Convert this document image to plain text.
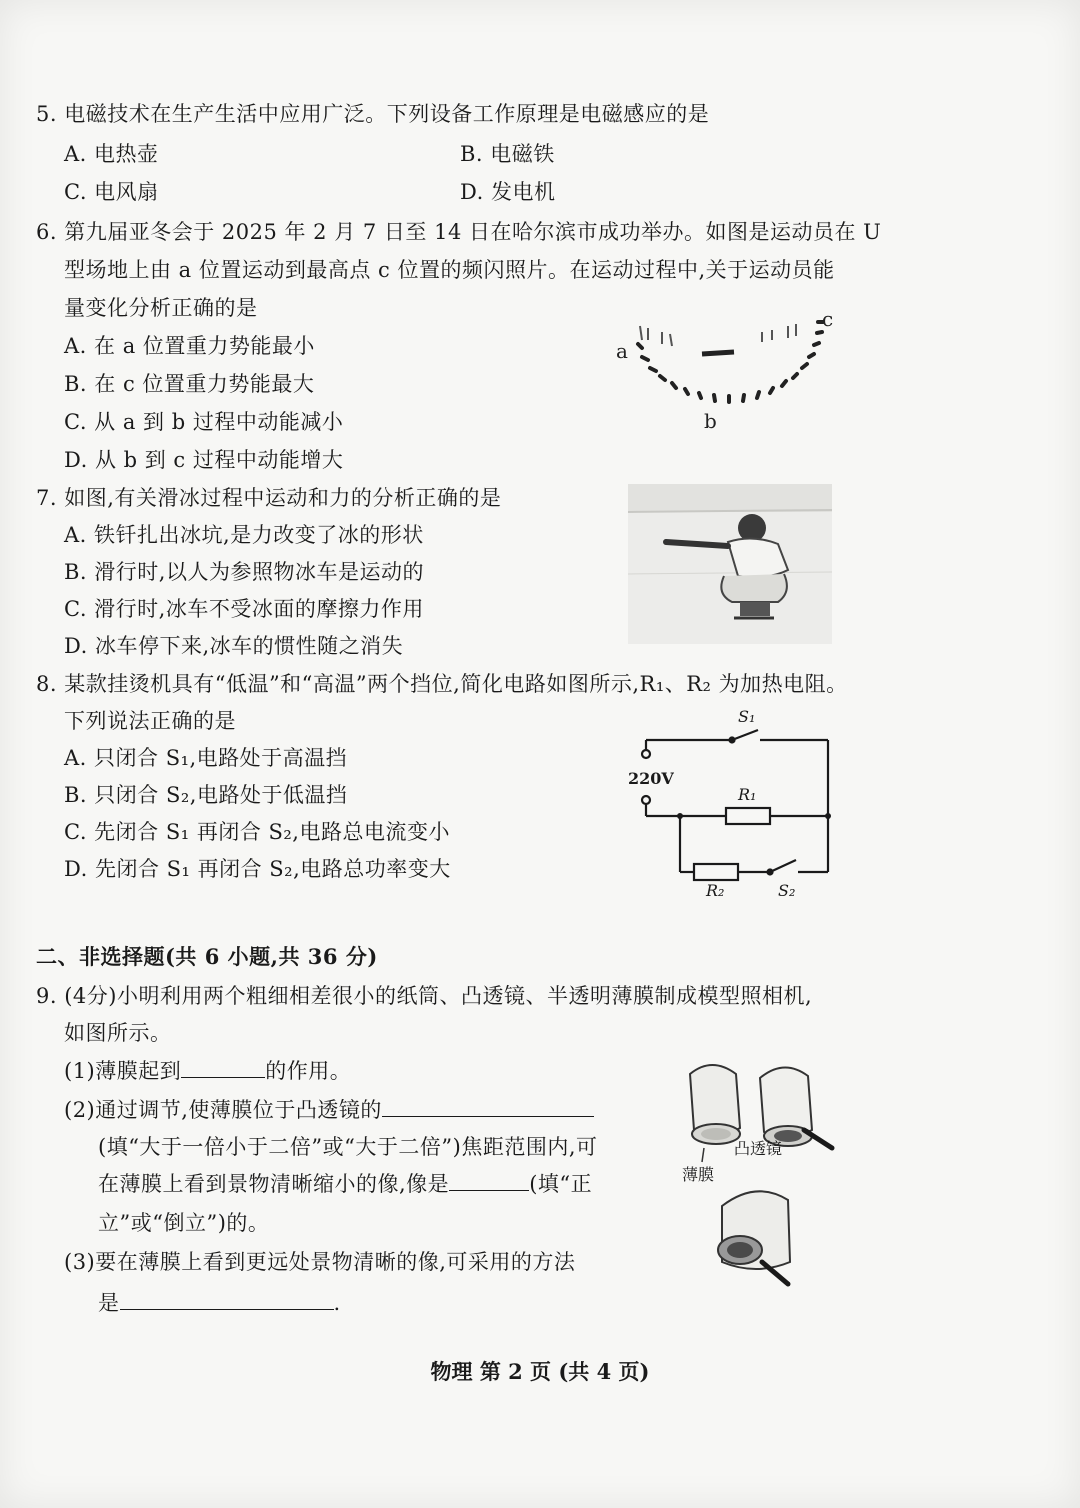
5. 电磁技术在生产生活中应用广泛。下列设备工作原理是电磁感应的是
A. 电热壶	B. 电磁铁
C. 电风扇	D. 发电机
6. 第九届亚冬会于 2025 年 2 月 7 日至 14 日在哈尔滨市成功举办。如图是运动员在 U
型场地上由 a 位置运动到最高点 c 位置的频闪照片。在运动过程中,关于运动员能
量变化分析正确的是
A. 在 a 位置重力势能最小
B. 在 c 位置重力势能最大
C. 从 a 到 b 过程中动能减小
D. 从 b 到 c 过程中动能增大
a
b
c
7. 如图,有关滑冰过程中运动和力的分析正确的是
A. 铁钎扎出冰坑,是力改变了冰的形状
B. 滑行时,以人为参照物冰车是运动的
C. 滑行时,冰车不受冰面的摩擦力作用
D. 冰车停下来,冰车的惯性随之消失
8. 某款挂烫机具有“低温”和“高温”两个挡位,简化电路如图所示,R₁、R₂ 为加热电阻。
下列说法正确的是
A. 只闭合 S₁,电路处于高温挡
B. 只闭合 S₂,电路处于低温挡
C. 先闭合 S₁ 再闭合 S₂,电路总电流变小
D. 先闭合 S₁ 再闭合 S₂,电路总功率变大
220V
S₁
R₁
R₂	S₂
二、非选择题(共 6 小题,共 36 分)
9. (4分)小明利用两个粗细相差很小的纸筒、凸透镜、半透明薄膜制成模型照相机,
如图所示。
(1)薄膜起到	的作用。
(2)通过调节,使薄膜位于凸透镜的
(填“大于一倍小于二倍”或“大于二倍”)焦距范围内,可
在薄膜上看到景物清晰缩小的像,像是	(填“正
立”或“倒立”)的。
(3)要在薄膜上看到更远处景物清晰的像,可采用的方法
是	.
薄膜
凸透镜
物理 第 2 页 (共 4 页)
